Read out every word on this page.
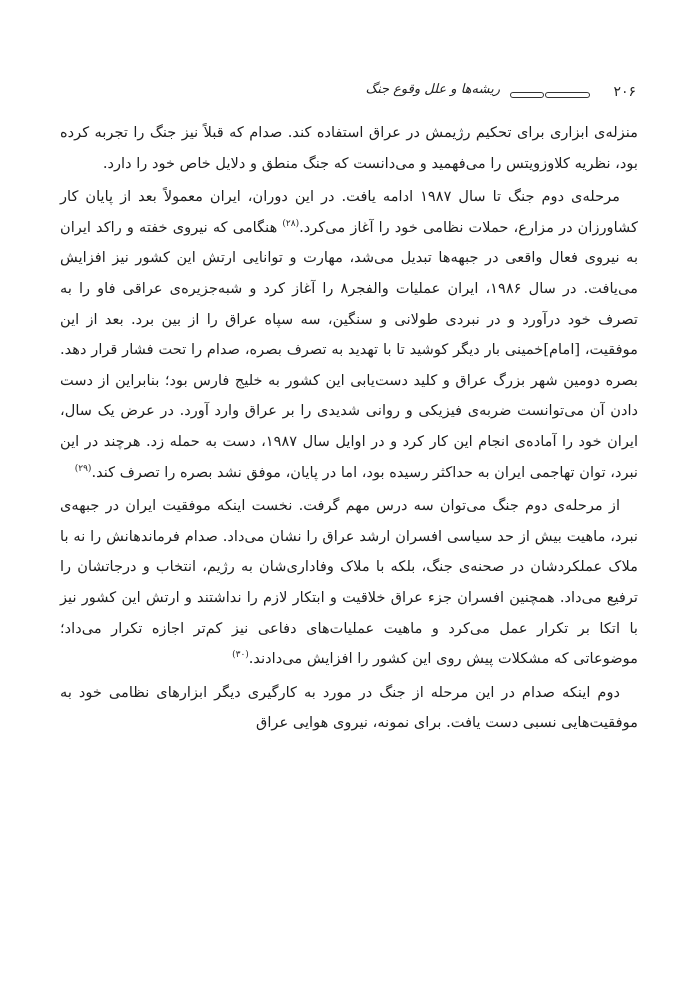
۲۰۶
ریشه‌ها و علل وقوع جنگ

منزله‌ی ابزاری برای تحکیم رژیمش در عراق استفاده کند. صدام که قبلاً نیز جنگ را تجربه کرده بود، نظریه کلاوزویتس را می‌فهمید و می‌دانست که جنگ منطق و دلایل خاص خود را دارد.

مرحله‌ی دوم جنگ تا سال ۱۹۸۷ ادامه یافت. در این دوران، ایران معمولاً بعد از پایان کار کشاورزان در مزارع، حملات نظامی خود را آغاز می‌کرد.$^{(۲۸)}$ هنگامی که نیروی خفته و راکد ایران به نیروی فعال واقعی در جبهه‌ها تبدیل می‌شد، مهارت و توانایی ارتش این کشور نیز افزایش می‌یافت. در سال ۱۹۸۶، ایران عملیات والفجر۸ را آغاز کرد و شبه‌جزیره‌ی عراقی فاو را به تصرف خود درآورد و در نبردی طولانی و سنگین، سه سپاه عراق را از بین برد. بعد از این موفقیت، [امام]خمینی بار دیگر کوشید تا با تهدید به تصرف بصره، صدام را تحت فشار قرار دهد. بصره دومین شهر بزرگ عراق و کلید دست‌یابی این کشور به خلیج فارس بود؛ بنابراین از دست دادن آن می‌توانست ضربه‌ی فیزیکی و روانی شدیدی را بر عراق وارد آورد. در عرض یک سال، ایران خود را آماده‌ی انجام این کار کرد و در اوایل سال ۱۹۸۷، دست به حمله زد. هرچند در این نبرد، توان تهاجمی ایران به حداکثر رسیده بود، اما در پایان، موفق نشد بصره را تصرف کند.$^{(۲۹)}$

از مرحله‌ی دوم جنگ می‌توان سه درس مهم گرفت. نخست اینکه موفقیت ایران در جبهه‌ی نبرد، ماهیت بیش از حد سیاسی افسران ارشد عراق را نشان می‌داد. صدام فرماندهانش را نه با ملاک عملکردشان در صحنه‌ی جنگ، بلکه با ملاک وفاداری‌شان به رژیم، انتخاب و درجاتشان را ترفیع می‌داد. همچنین افسران جزء عراق خلاقیت و ابتکار لازم را نداشتند و ارتش این کشور نیز با اتکا بر تکرار عمل می‌کرد و ماهیت عملیات‌های دفاعی نیز کم‌تر اجازه تکرار می‌داد؛ موضوعاتی که مشکلات پیش روی این کشور را افزایش می‌دادند.$^{(۳۰)}$

دوم اینکه صدام در این مرحله از جنگ در مورد به کارگیری دیگر ابزارهای نظامی خود به موفقیت‌هایی نسبی دست یافت. برای نمونه، نیروی هوایی عراق
